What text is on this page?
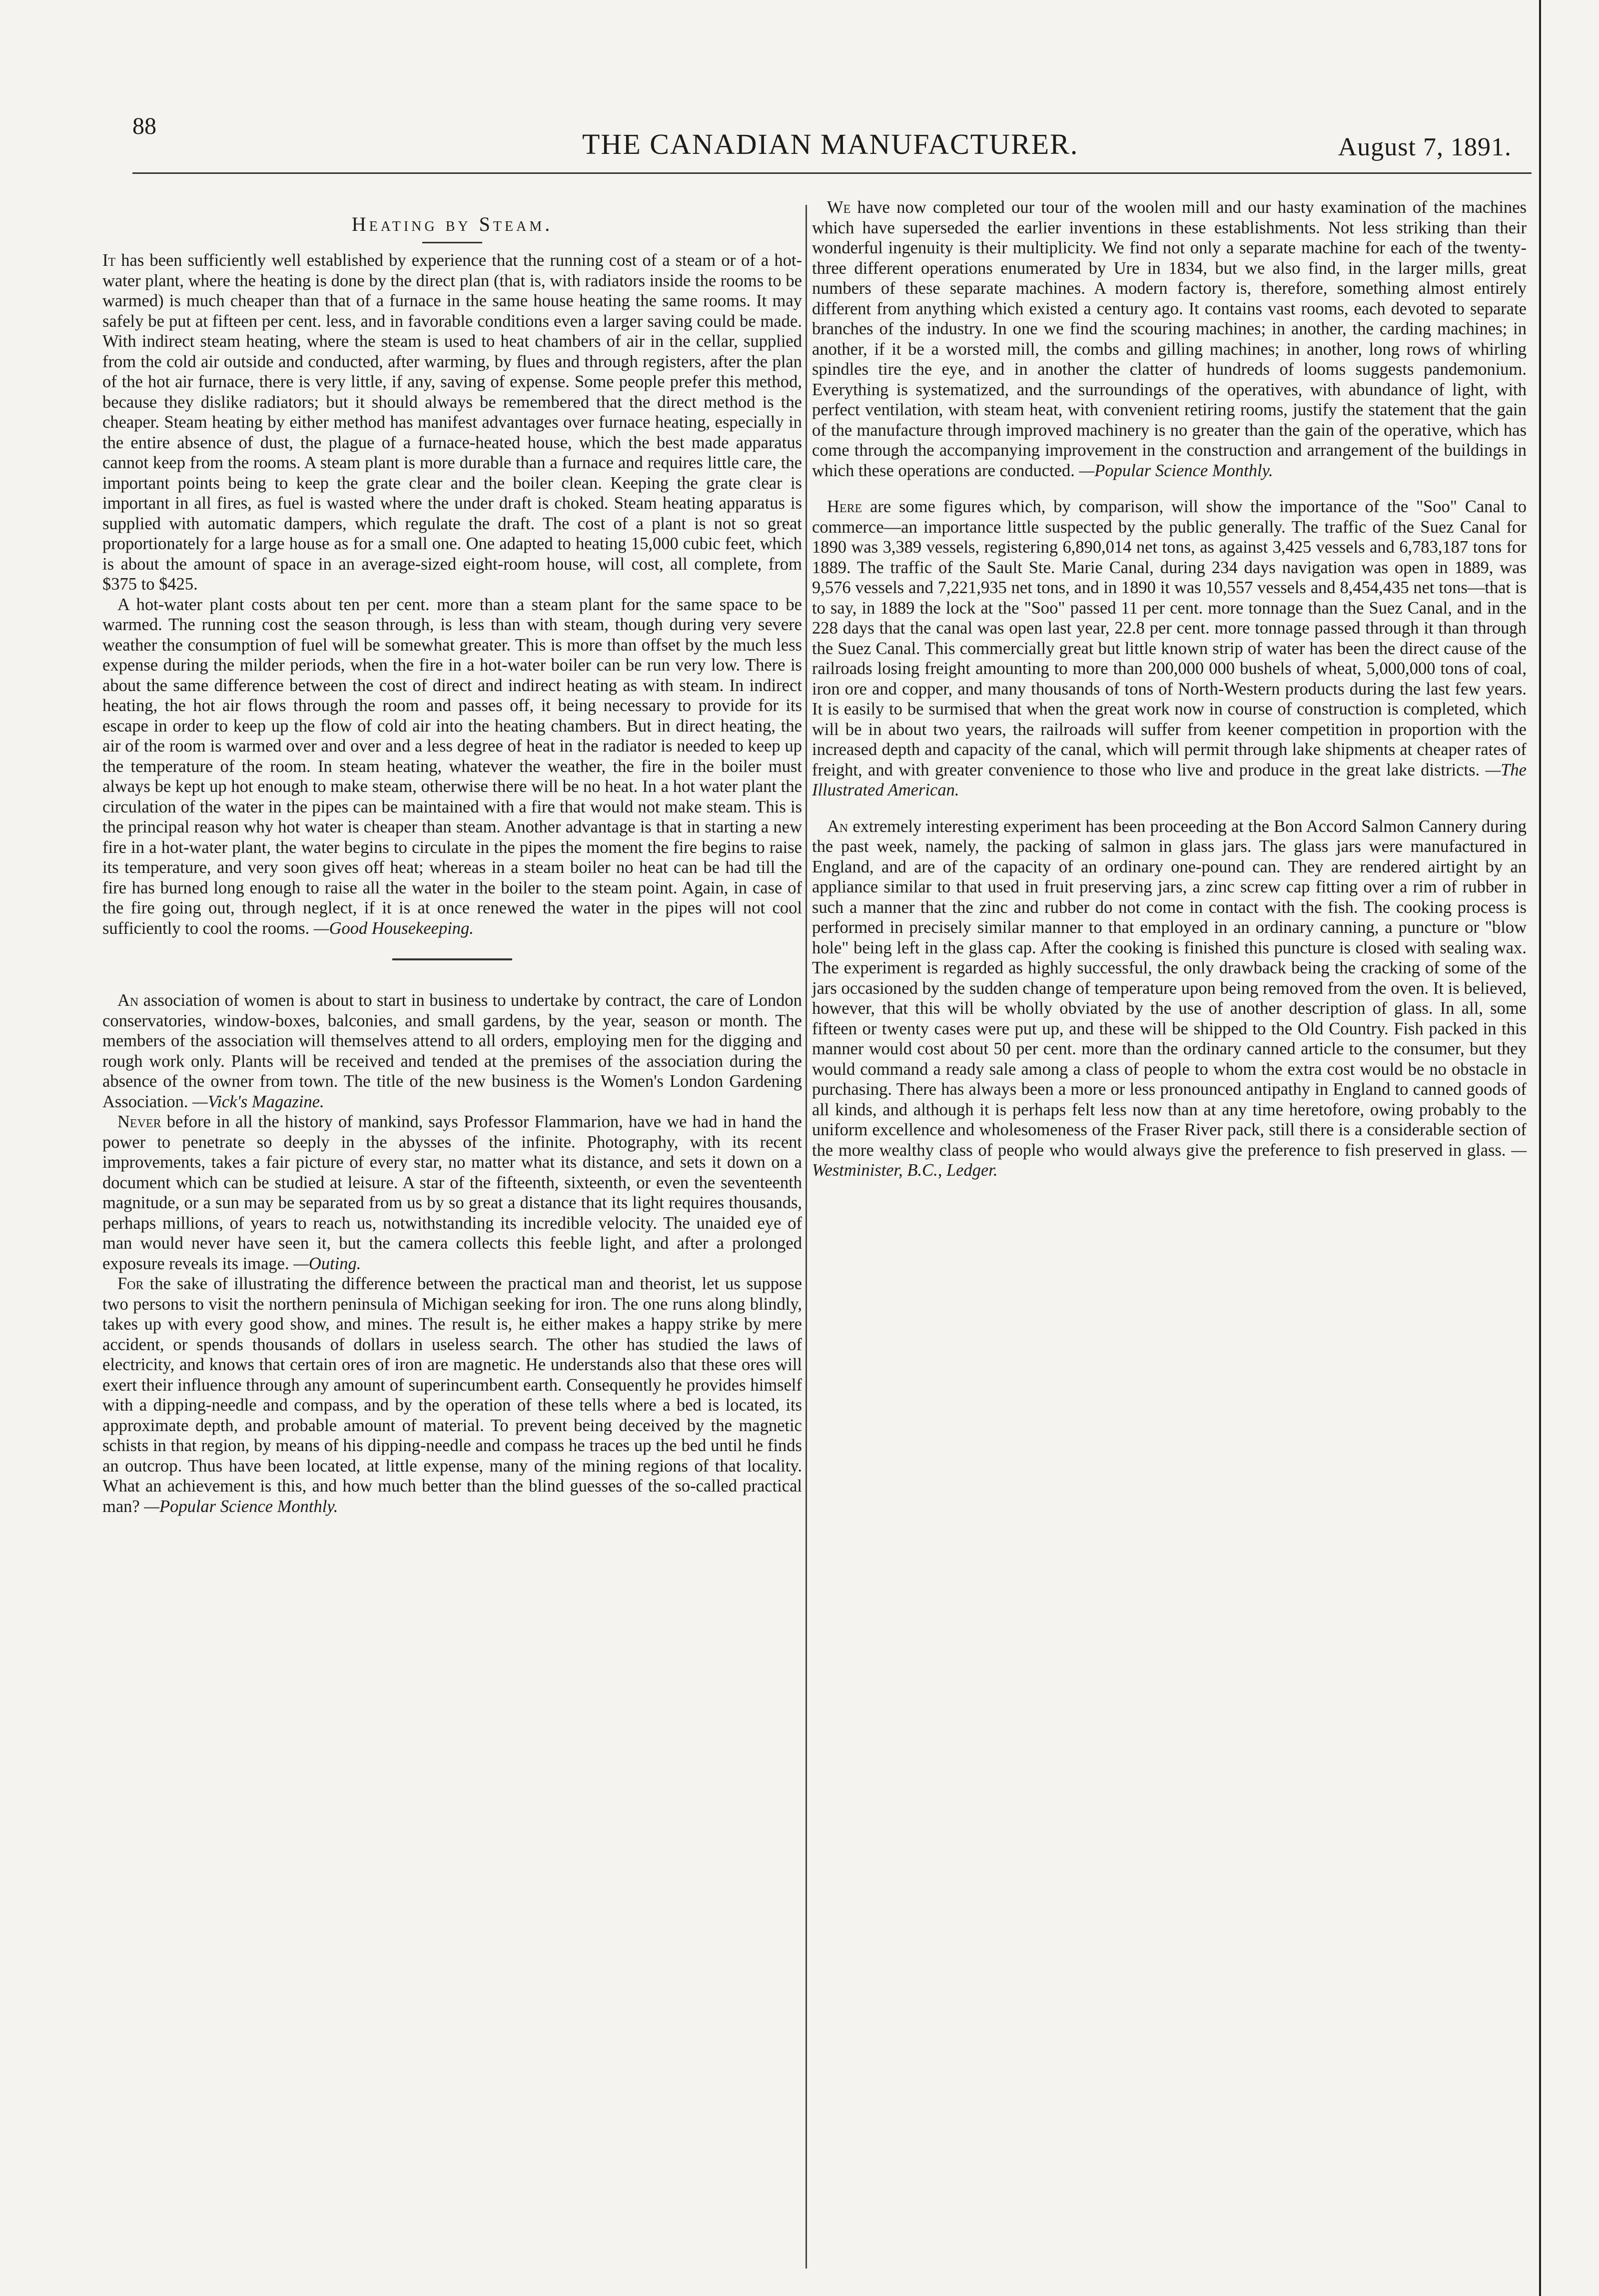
88
THE CANADIAN MANUFACTURER.	August 7, 1891.
Heating by Steam.

It has been sufficiently well established by experience that the running cost of a steam or of a hot-water plant, where the heating is done by the direct plan (that is, with radiators inside the rooms to be warmed) is much cheaper than that of a furnace in the same house heating the same rooms. It may safely be put at fifteen per cent. less, and in favorable conditions even a larger saving could be made. With indirect steam heating, where the steam is used to heat chambers of air in the cellar, supplied from the cold air outside and conducted, after warming, by flues and through registers, after the plan of the hot air furnace, there is very little, if any, saving of expense. Some people prefer this method, because they dislike radiators; but it should always be remembered that the direct method is the cheaper. Steam heating by either method has manifest advantages over furnace heating, especially in the entire absence of dust, the plague of a furnace-heated house, which the best made apparatus cannot keep from the rooms. A steam plant is more durable than a furnace and requires little care, the important points being to keep the grate clear and the boiler clean. Keeping the grate clear is important in all fires, as fuel is wasted where the under draft is choked. Steam heating apparatus is supplied with automatic dampers, which regulate the draft. The cost of a plant is not so great proportionately for a large house as for a small one. One adapted to heating 15,000 cubic feet, which is about the amount of space in an average-sized eight-room house, will cost, all complete, from $375 to $425.

A hot-water plant costs about ten per cent. more than a steam plant for the same space to be warmed. The running cost the season through, is less than with steam, though during very severe weather the consumption of fuel will be somewhat greater. This is more than offset by the much less expense during the milder periods, when the fire in a hot-water boiler can be run very low. There is about the same difference between the cost of direct and indirect heating as with steam. In indirect heating, the hot air flows through the room and passes off, it being necessary to provide for its escape in order to keep up the flow of cold air into the heating chambers. But in direct heating, the air of the room is warmed over and over and a less degree of heat in the radiator is needed to keep up the temperature of the room. In steam heating, whatever the weather, the fire in the boiler must always be kept up hot enough to make steam, otherwise there will be no heat. In a hot water plant the circulation of the water in the pipes can be maintained with a fire that would not make steam. This is the principal reason why hot water is cheaper than steam. Another advantage is that in starting a new fire in a hot-water plant, the water begins to circulate in the pipes the moment the fire begins to raise its temperature, and very soon gives off heat; whereas in a steam boiler no heat can be had till the fire has burned long enough to raise all the water in the boiler to the steam point. Again, in case of the fire going out, through neglect, if it is at once renewed the water in the pipes will not cool sufficiently to cool the rooms. —Good Housekeeping.

An association of women is about to start in business to undertake by contract, the care of London conservatories, window-boxes, balconies, and small gardens, by the year, season or month. The members of the association will themselves attend to all orders, employing men for the digging and rough work only. Plants will be received and tended at the premises of the association during the absence of the owner from town. The title of the new business is the Women's London Gardening Association. —Vick's Magazine.

Never before in all the history of mankind, says Professor Flammarion, have we had in hand the power to penetrate so deeply in the abysses of the infinite. Photography, with its recent improvements, takes a fair picture of every star, no matter what its distance, and sets it down on a document which can be studied at leisure. A star of the fifteenth, sixteenth, or even the seventeenth magnitude, or a sun may be separated from us by so great a distance that its light requires thousands, perhaps millions, of years to reach us, notwithstanding its incredible velocity. The unaided eye of man would never have seen it, but the camera collects this feeble light, and after a prolonged exposure reveals its image. —Outing.

For the sake of illustrating the difference between the practical man and theorist, let us suppose two persons to visit the northern peninsula of Michigan seeking for iron. The one runs along blindly, takes up with every good show, and mines. The result is, he either makes a happy strike by mere accident, or spends thousands of dollars in useless search. The other has studied the laws of electricity, and knows that certain ores of iron are magnetic. He understands also that these ores will exert their influence through any amount of superincumbent earth. Consequently he provides himself with a dipping-needle and compass, and by the operation of these tells where a bed is located, its approximate depth, and probable amount of material. To prevent being deceived by the magnetic schists in that region, by means of his dipping-needle and compass he traces up the bed until he finds an outcrop. Thus have been located, at little expense, many of the mining regions of that locality. What an achievement is this, and how much better than the blind guesses of the so-called practical man? —Popular Science Monthly.

We have now completed our tour of the woolen mill and our hasty examination of the machines which have superseded the earlier inventions in these establishments. Not less striking than their wonderful ingenuity is their multiplicity. We find not only a separate machine for each of the twenty-three different operations enumerated by Ure in 1834, but we also find, in the larger mills, great numbers of these separate machines. A modern factory is, therefore, something almost entirely different from anything which existed a century ago. It contains vast rooms, each devoted to separate branches of the industry. In one we find the scouring machines; in another, the carding machines; in another, if it be a worsted mill, the combs and gilling machines; in another, long rows of whirling spindles tire the eye, and in another the clatter of hundreds of looms suggests pandemonium. Everything is systematized, and the surroundings of the operatives, with abundance of light, with perfect ventilation, with steam heat, with convenient retiring rooms, justify the statement that the gain of the manufacture through improved machinery is no greater than the gain of the operative, which has come through the accompanying improvement in the construction and arrangement of the buildings in which these operations are conducted. —Popular Science Monthly.

Here are some figures which, by comparison, will show the importance of the "Soo" Canal to commerce—an importance little suspected by the public generally. The traffic of the Suez Canal for 1890 was 3,389 vessels, registering 6,890,014 net tons, as against 3,425 vessels and 6,783,187 tons for 1889. The traffic of the Sault Ste. Marie Canal, during 234 days navigation was open in 1889, was 9,576 vessels and 7,221,935 net tons, and in 1890 it was 10,557 vessels and 8,454,435 net tons—that is to say, in 1889 the lock at the "Soo" passed 11 per cent. more tonnage than the Suez Canal, and in the 228 days that the canal was open last year, 22.8 per cent. more tonnage passed through it than through the Suez Canal. This commercially great but little known strip of water has been the direct cause of the railroads losing freight amounting to more than 200,000 000 bushels of wheat, 5,000,000 tons of coal, iron ore and copper, and many thousands of tons of North-Western products during the last few years. It is easily to be surmised that when the great work now in course of construction is completed, which will be in about two years, the railroads will suffer from keener competition in proportion with the increased depth and capacity of the canal, which will permit through lake shipments at cheaper rates of freight, and with greater convenience to those who live and produce in the great lake districts. —The Illustrated American.

An extremely interesting experiment has been proceeding at the Bon Accord Salmon Cannery during the past week, namely, the packing of salmon in glass jars. The glass jars were manufactured in England, and are of the capacity of an ordinary one-pound can. They are rendered airtight by an appliance similar to that used in fruit preserving jars, a zinc screw cap fitting over a rim of rubber in such a manner that the zinc and rubber do not come in contact with the fish. The cooking process is performed in precisely similar manner to that employed in an ordinary canning, a puncture or "blow hole" being left in the glass cap. After the cooking is finished this puncture is closed with sealing wax. The experiment is regarded as highly successful, the only drawback being the cracking of some of the jars occasioned by the sudden change of temperature upon being removed from the oven. It is believed, however, that this will be wholly obviated by the use of another description of glass. In all, some fifteen or twenty cases were put up, and these will be shipped to the Old Country. Fish packed in this manner would cost about 50 per cent. more than the ordinary canned article to the consumer, but they would command a ready sale among a class of people to whom the extra cost would be no obstacle in purchasing. There has always been a more or less pronounced antipathy in England to canned goods of all kinds, and although it is perhaps felt less now than at any time heretofore, owing probably to the uniform excellence and wholesomeness of the Fraser River pack, still there is a considerable section of the more wealthy class of people who would always give the preference to fish preserved in glass. —Westminister, B.C., Ledger.
